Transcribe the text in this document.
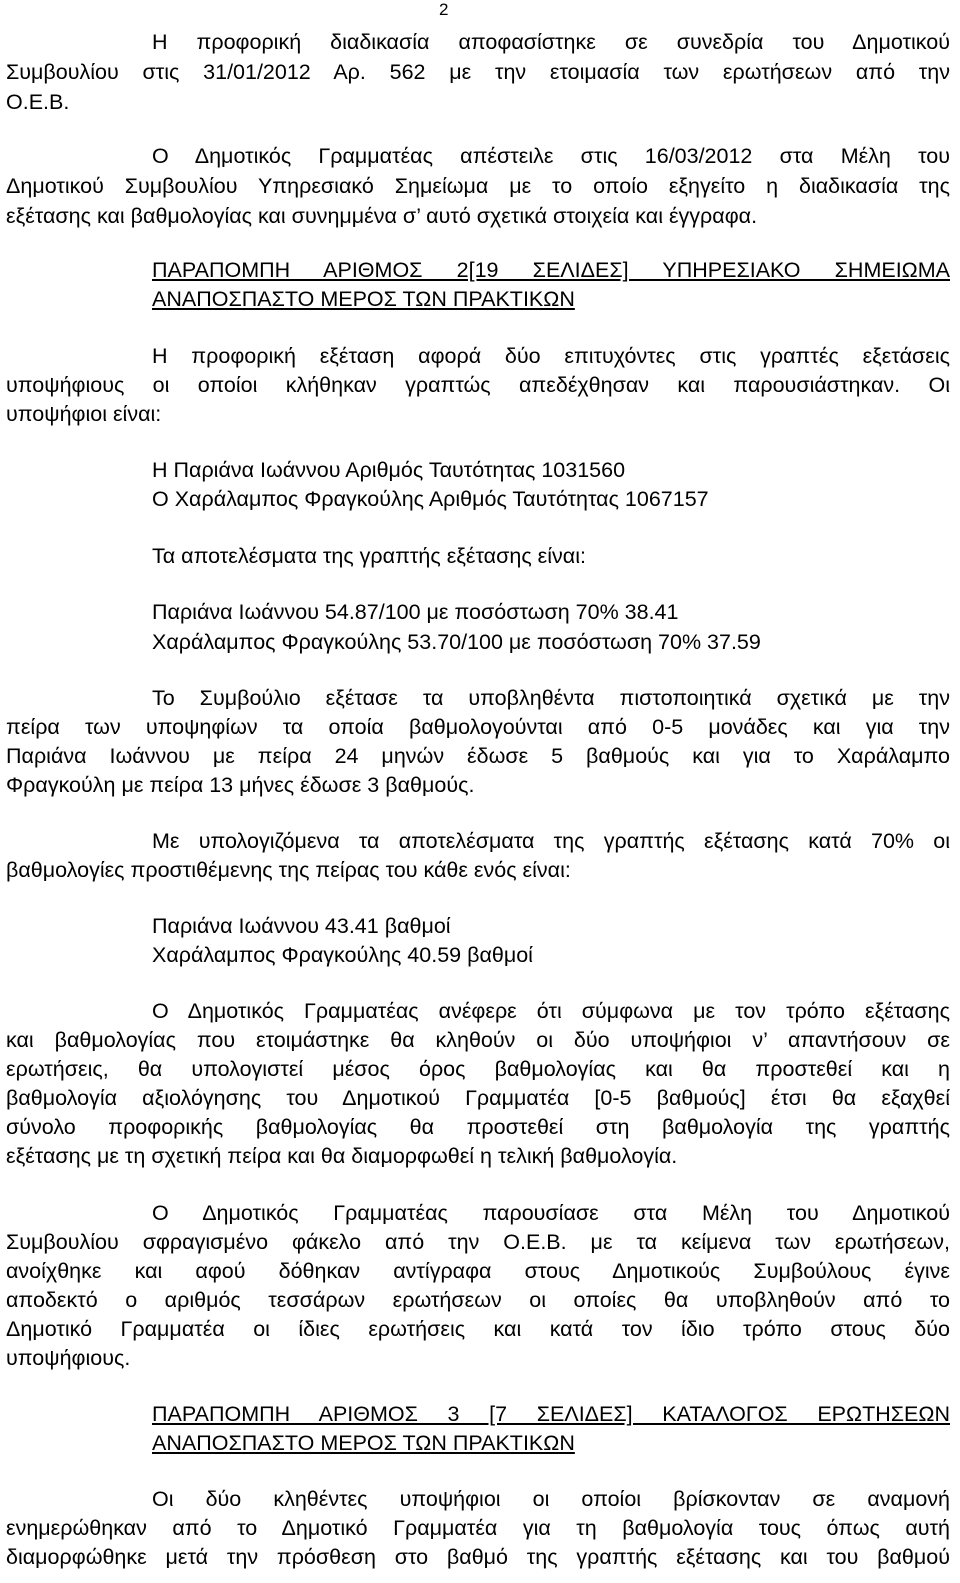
2
Η προφορική διαδικασία αποφασίστηκε σε συνεδρία του Δημοτικού
Συμβουλίου στις 31/01/2012 Αρ. 562 με την ετοιμασία των ερωτήσεων από την
Ο.Ε.Β.
Ο Δημοτικός Γραμματέας απέστειλε στις 16/03/2012 στα Μέλη του
Δημοτικού Συμβουλίου Υπηρεσιακό Σημείωμα με το οποίο εξηγείτο η διαδικασία της
εξέτασης και βαθμολογίας και συνημμένα σ’ αυτό σχετικά στοιχεία και έγγραφα.
ΠΑΡΑΠΟΜΠΗ ΑΡΙΘΜΟΣ 2[19 ΣΕΛΙΔΕΣ] ΥΠΗΡΕΣΙΑΚΟ ΣΗΜΕΙΩΜΑ
ΑΝΑΠΟΣΠΑΣΤΟ ΜΕΡΟΣ ΤΩΝ ΠΡΑΚΤΙΚΩΝ
Η προφορική εξέταση αφορά δύο επιτυχόντες στις γραπτές εξετάσεις
υποψήφιους οι οποίοι κλήθηκαν γραπτώς απεδέχθησαν και παρουσιάστηκαν. Οι
υποψήφιοι είναι:
Η Παριάνα Ιωάννου Αριθμός Ταυτότητας 1031560
Ο Χαράλαμπος Φραγκούλης Αριθμός Ταυτότητας 1067157
Τα αποτελέσματα της γραπτής εξέτασης είναι:
Παριάνα Ιωάννου 54.87/100 με ποσόστωση 70% 38.41
Χαράλαμπος Φραγκούλης 53.70/100 με ποσόστωση 70% 37.59
Το Συμβούλιο εξέτασε τα υποβληθέντα πιστοποιητικά σχετικά με την
πείρα των υποψηφίων τα οποία βαθμολογούνται από 0-5 μονάδες και για την
Παριάνα Ιωάννου με πείρα 24 μηνών έδωσε 5 βαθμούς και για το Χαράλαμπο
Φραγκούλη με πείρα 13 μήνες έδωσε 3 βαθμούς.
Με υπολογιζόμενα τα αποτελέσματα της γραπτής εξέτασης κατά 70% οι
βαθμολογίες προστιθέμενης της πείρας του κάθε ενός είναι:
Παριάνα Ιωάννου 43.41 βαθμοί
Χαράλαμπος Φραγκούλης 40.59 βαθμοί
Ο Δημοτικός Γραμματέας ανέφερε ότι σύμφωνα με τον τρόπο εξέτασης
και βαθμολογίας που ετοιμάστηκε θα κληθούν οι δύο υποψήφιοι ν’ απαντήσουν σε
ερωτήσεις, θα υπολογιστεί μέσος όρος βαθμολογίας και θα προστεθεί και η
βαθμολογία αξιολόγησης του Δημοτικού Γραμματέα [0-5 βαθμούς] έτσι θα εξαχθεί
σύνολο προφορικής βαθμολογίας θα προστεθεί στη βαθμολογία της γραπτής
εξέτασης με τη σχετική πείρα και θα διαμορφωθεί η τελική βαθμολογία.
Ο Δημοτικός Γραμματέας παρουσίασε στα Μέλη του Δημοτικού
Συμβουλίου σφραγισμένο φάκελο από την Ο.Ε.Β. με τα κείμενα των ερωτήσεων,
ανοίχθηκε και αφού δόθηκαν αντίγραφα στους Δημοτικούς Συμβούλους έγινε
αποδεκτό ο αριθμός τεσσάρων ερωτήσεων οι οποίες θα υποβληθούν από το
Δημοτικό Γραμματέα οι ίδιες ερωτήσεις και κατά τον ίδιο τρόπο στους δύο
υποψήφιους.
ΠΑΡΑΠΟΜΠΗ ΑΡΙΘΜΟΣ 3 [7 ΣΕΛΙΔΕΣ] ΚΑΤΑΛΟΓΟΣ ΕΡΩΤΗΣΕΩΝ
ΑΝΑΠΟΣΠΑΣΤΟ ΜΕΡΟΣ ΤΩΝ ΠΡΑΚΤΙΚΩΝ
Οι δύο κληθέντες υποψήφιοι οι οποίοι βρίσκονταν σε αναμονή
ενημερώθηκαν από το Δημοτικό Γραμματέα για τη βαθμολογία τους όπως αυτή
διαμορφώθηκε μετά την πρόσθεση στο βαθμό της γραπτής εξέτασης και του βαθμού
